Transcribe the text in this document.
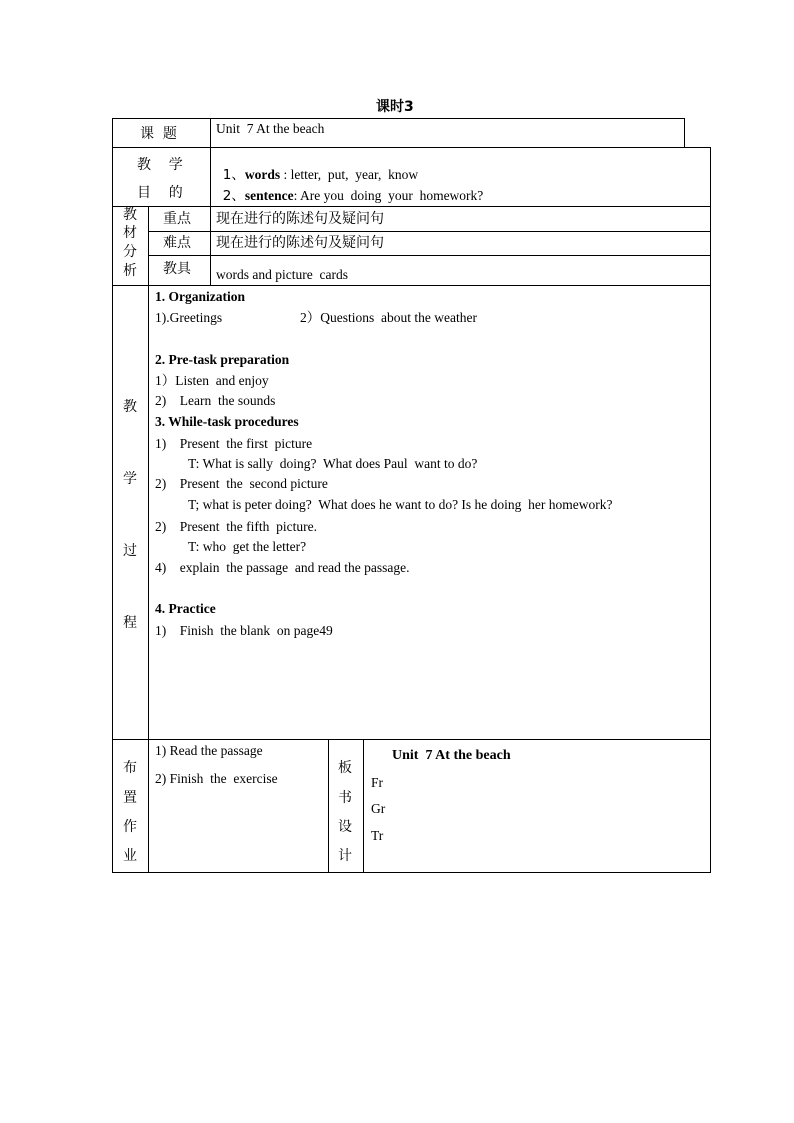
课时3
课  题	Unit  7 At the beach
教    学
目    的

1、words : letter,  put,  year,  know

2、sentence: Are you  doing  your  homework?

教
材
分
析
重点 现在进行的陈述句及疑问句
难点 现在进行的陈述句及疑问句
教具 words and picture  cards
教
学
过
程
1. Organization
1).Greetings	2）Questions  about the weather
2. Pre-task preparation
1）Listen  and enjoy
2)    Learn  the sounds
3. While-task procedures
1)    Present  the first  picture
T: What is sally  doing?  What does Paul  want to do?
2)    Present  the  second picture
T; what is peter doing?  What does he want to do? Is he doing  her homework?
2)    Present  the fifth  picture.
T: who  get the letter?
4)    explain  the passage  and read the passage.
4. Practice
1)    Finish  the blank  on page49
布
置
作
业
1) Read the passage
2) Finish  the  exercise
板
书
设
计
Unit  7 At the beach
Fr
Gr
Tr
